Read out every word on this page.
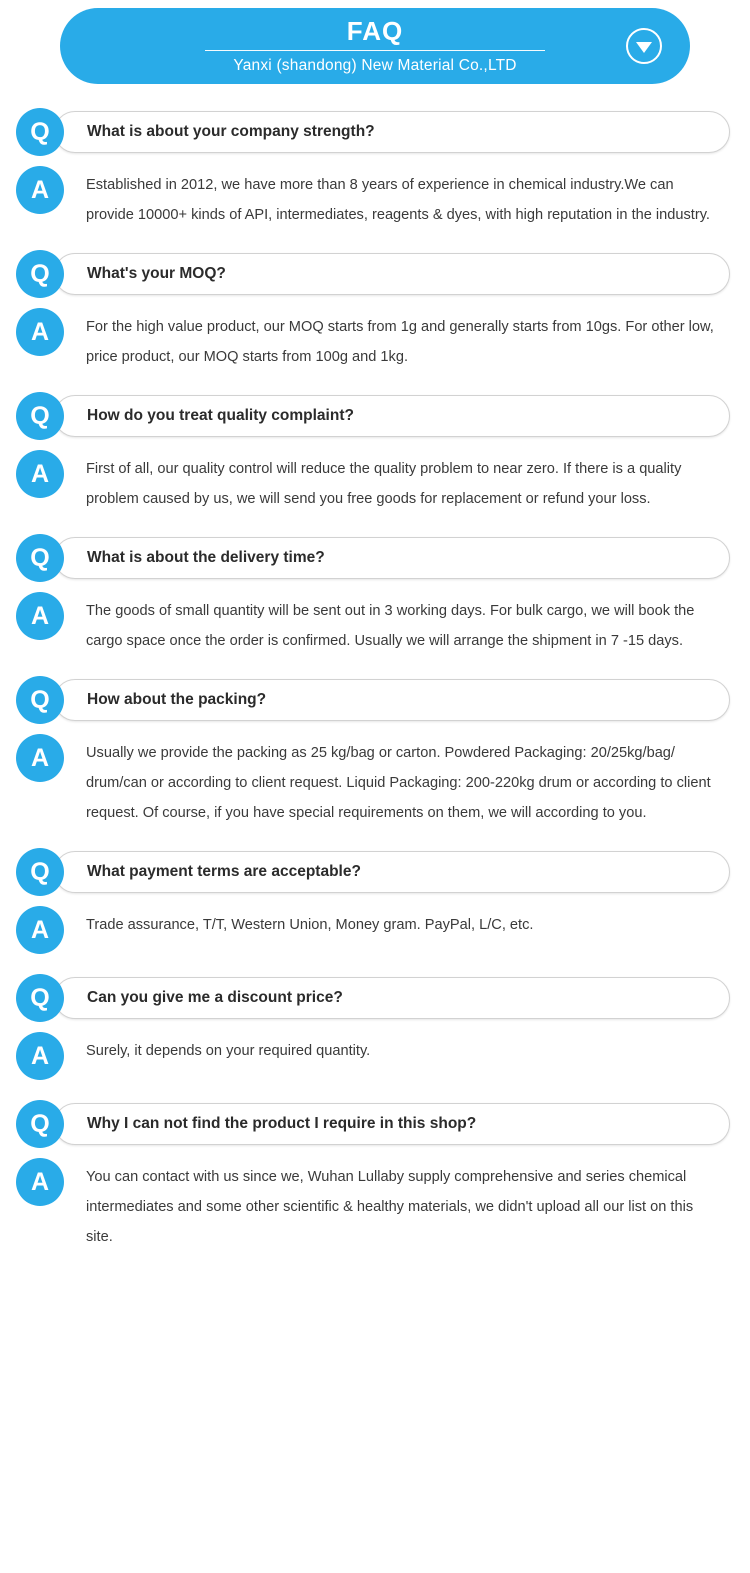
FAQ
Yanxi (shandong) New Material Co.,LTD
Q	What is about your company strength?
A	Established in 2012, we have more than 8 years of experience in chemical industry.We can provide 10000+ kinds of API, intermediates, reagents & dyes, with high reputation in the industry.
Q	What's your MOQ?
A	For the high value product, our MOQ starts from 1g and generally starts from 10gs. For other low, price product, our MOQ starts from 100g and 1kg.
Q	How do you treat quality complaint?
A	First of all, our quality control will reduce the quality problem to near zero. If there is a quality problem caused by us, we will send you free goods for replacement or refund your loss.
Q	What is about the delivery time?
A	The goods of small quantity will be sent out in 3 working days. For bulk cargo, we will book the cargo space once the order is confirmed. Usually we will arrange the shipment in 7 -15 days.
Q	How about the packing?
A	Usually we provide the packing as 25 kg/bag or carton. Powdered Packaging: 20/25kg/bag/ drum/can or according to client request. Liquid Packaging: 200-220kg drum or according to client request. Of course, if you have special requirements on them, we will according to you.
Q	What payment terms are acceptable?
A	Trade assurance, T/T, Western Union, Money gram. PayPal, L/C, etc.
Q	Can you give me a discount price?
A	Surely, it depends on your required quantity.
Q	Why I can not find the product I require in this shop?
A	You can contact with us since we, Wuhan Lullaby supply comprehensive and series chemical intermediates and some other scientific & healthy materials, we didn't upload all our list on this site.
